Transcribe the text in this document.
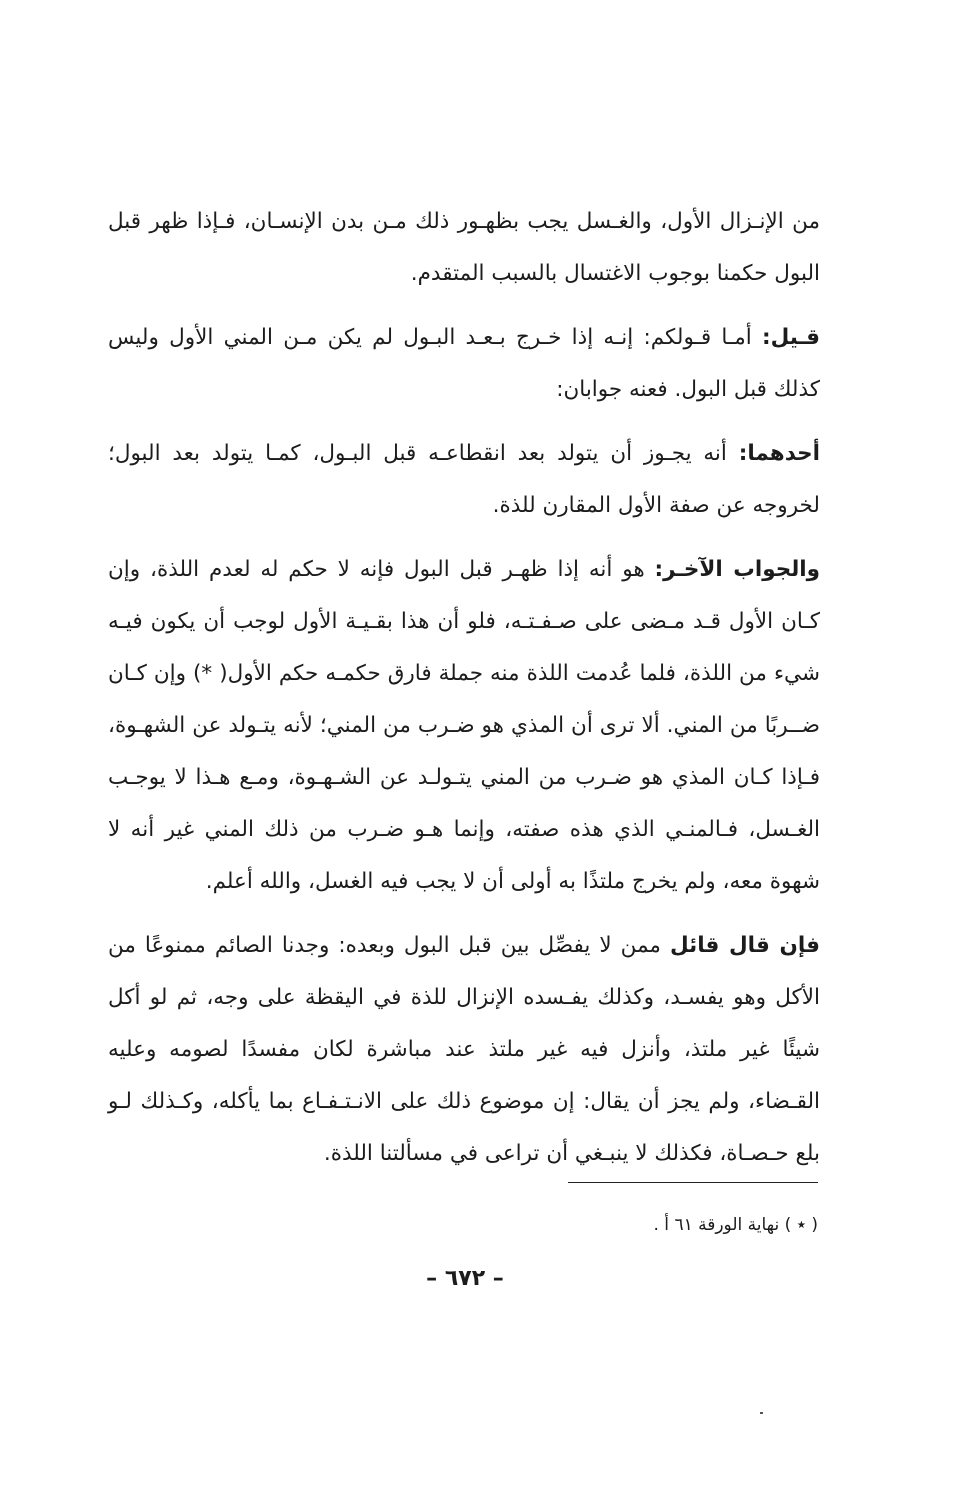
من الإنـزال الأول، والغـسل يجب بظهـور ذلك مـن بدن الإنسـان، فـإذا ظهر قبل البول حكمنا بوجوب الاغتسال بالسبب المتقدم.

قـيل: أمـا قـولكم: إنـه إذا خـرج بـعـد البـول لم يكن مـن المني الأول وليس كذلك قبل البول. فعنه جوابان:

أحدهما: أنه يجـوز أن يتولد بعد انقطاعـه قبل البـول، كمـا يتولد بعد البول؛ لخروجه عن صفة الأول المقارن للذة.

والجواب الآخـر: هو أنه إذا ظهـر قبل البول فإنه لا حكم له لعدم اللذة، وإن كـان الأول قـد مـضى على صـفـتـه، فلو أن هذا بقـيـة الأول لوجب أن يكون فيـه شيء من اللذة، فلما عُدمت اللذة منه جملة فارق حكمـه حكم الأول( *) وإن كـان ضــربًا من المني. ألا ترى أن المذي هو ضـرب من المني؛ لأنه يتـولد عن الشهـوة، فـإذا كـان المذي هو ضـرب من المني يتـولـد عن الشـهـوة، ومـع هـذا لا يوجـب الغـسل، فـالمنـي الذي هذه صفته، وإنما هـو ضـرب من ذلك المني غير أنه لا شهوة معه، ولم يخرج ملتذًا به أولى أن لا يجب فيه الغسل، والله أعلم.

فإن قال قائل ممن لا يفصِّل بين قبل البول وبعده: وجدنا الصائم ممنوعًا من الأكل وهو يفسـد، وكذلك يفـسده الإنزال للذة في اليقظة على وجه، ثم لو أكل شيئًا غير ملتذ، وأنزل فيه غير ملتذ عند مباشرة لكان مفسدًا لصومه وعليه القـضاء، ولم يجز أن يقال: إن موضوع ذلك على الانـتـفـاع بما يأكله، وكـذلك لـو بلع حـصـاة، فكذلك لا ينبـغي أن تراعى في مسألتنا اللذة.

( ٭ ) نهاية الورقة ٦١ أ .
– ٦٧٢ –
